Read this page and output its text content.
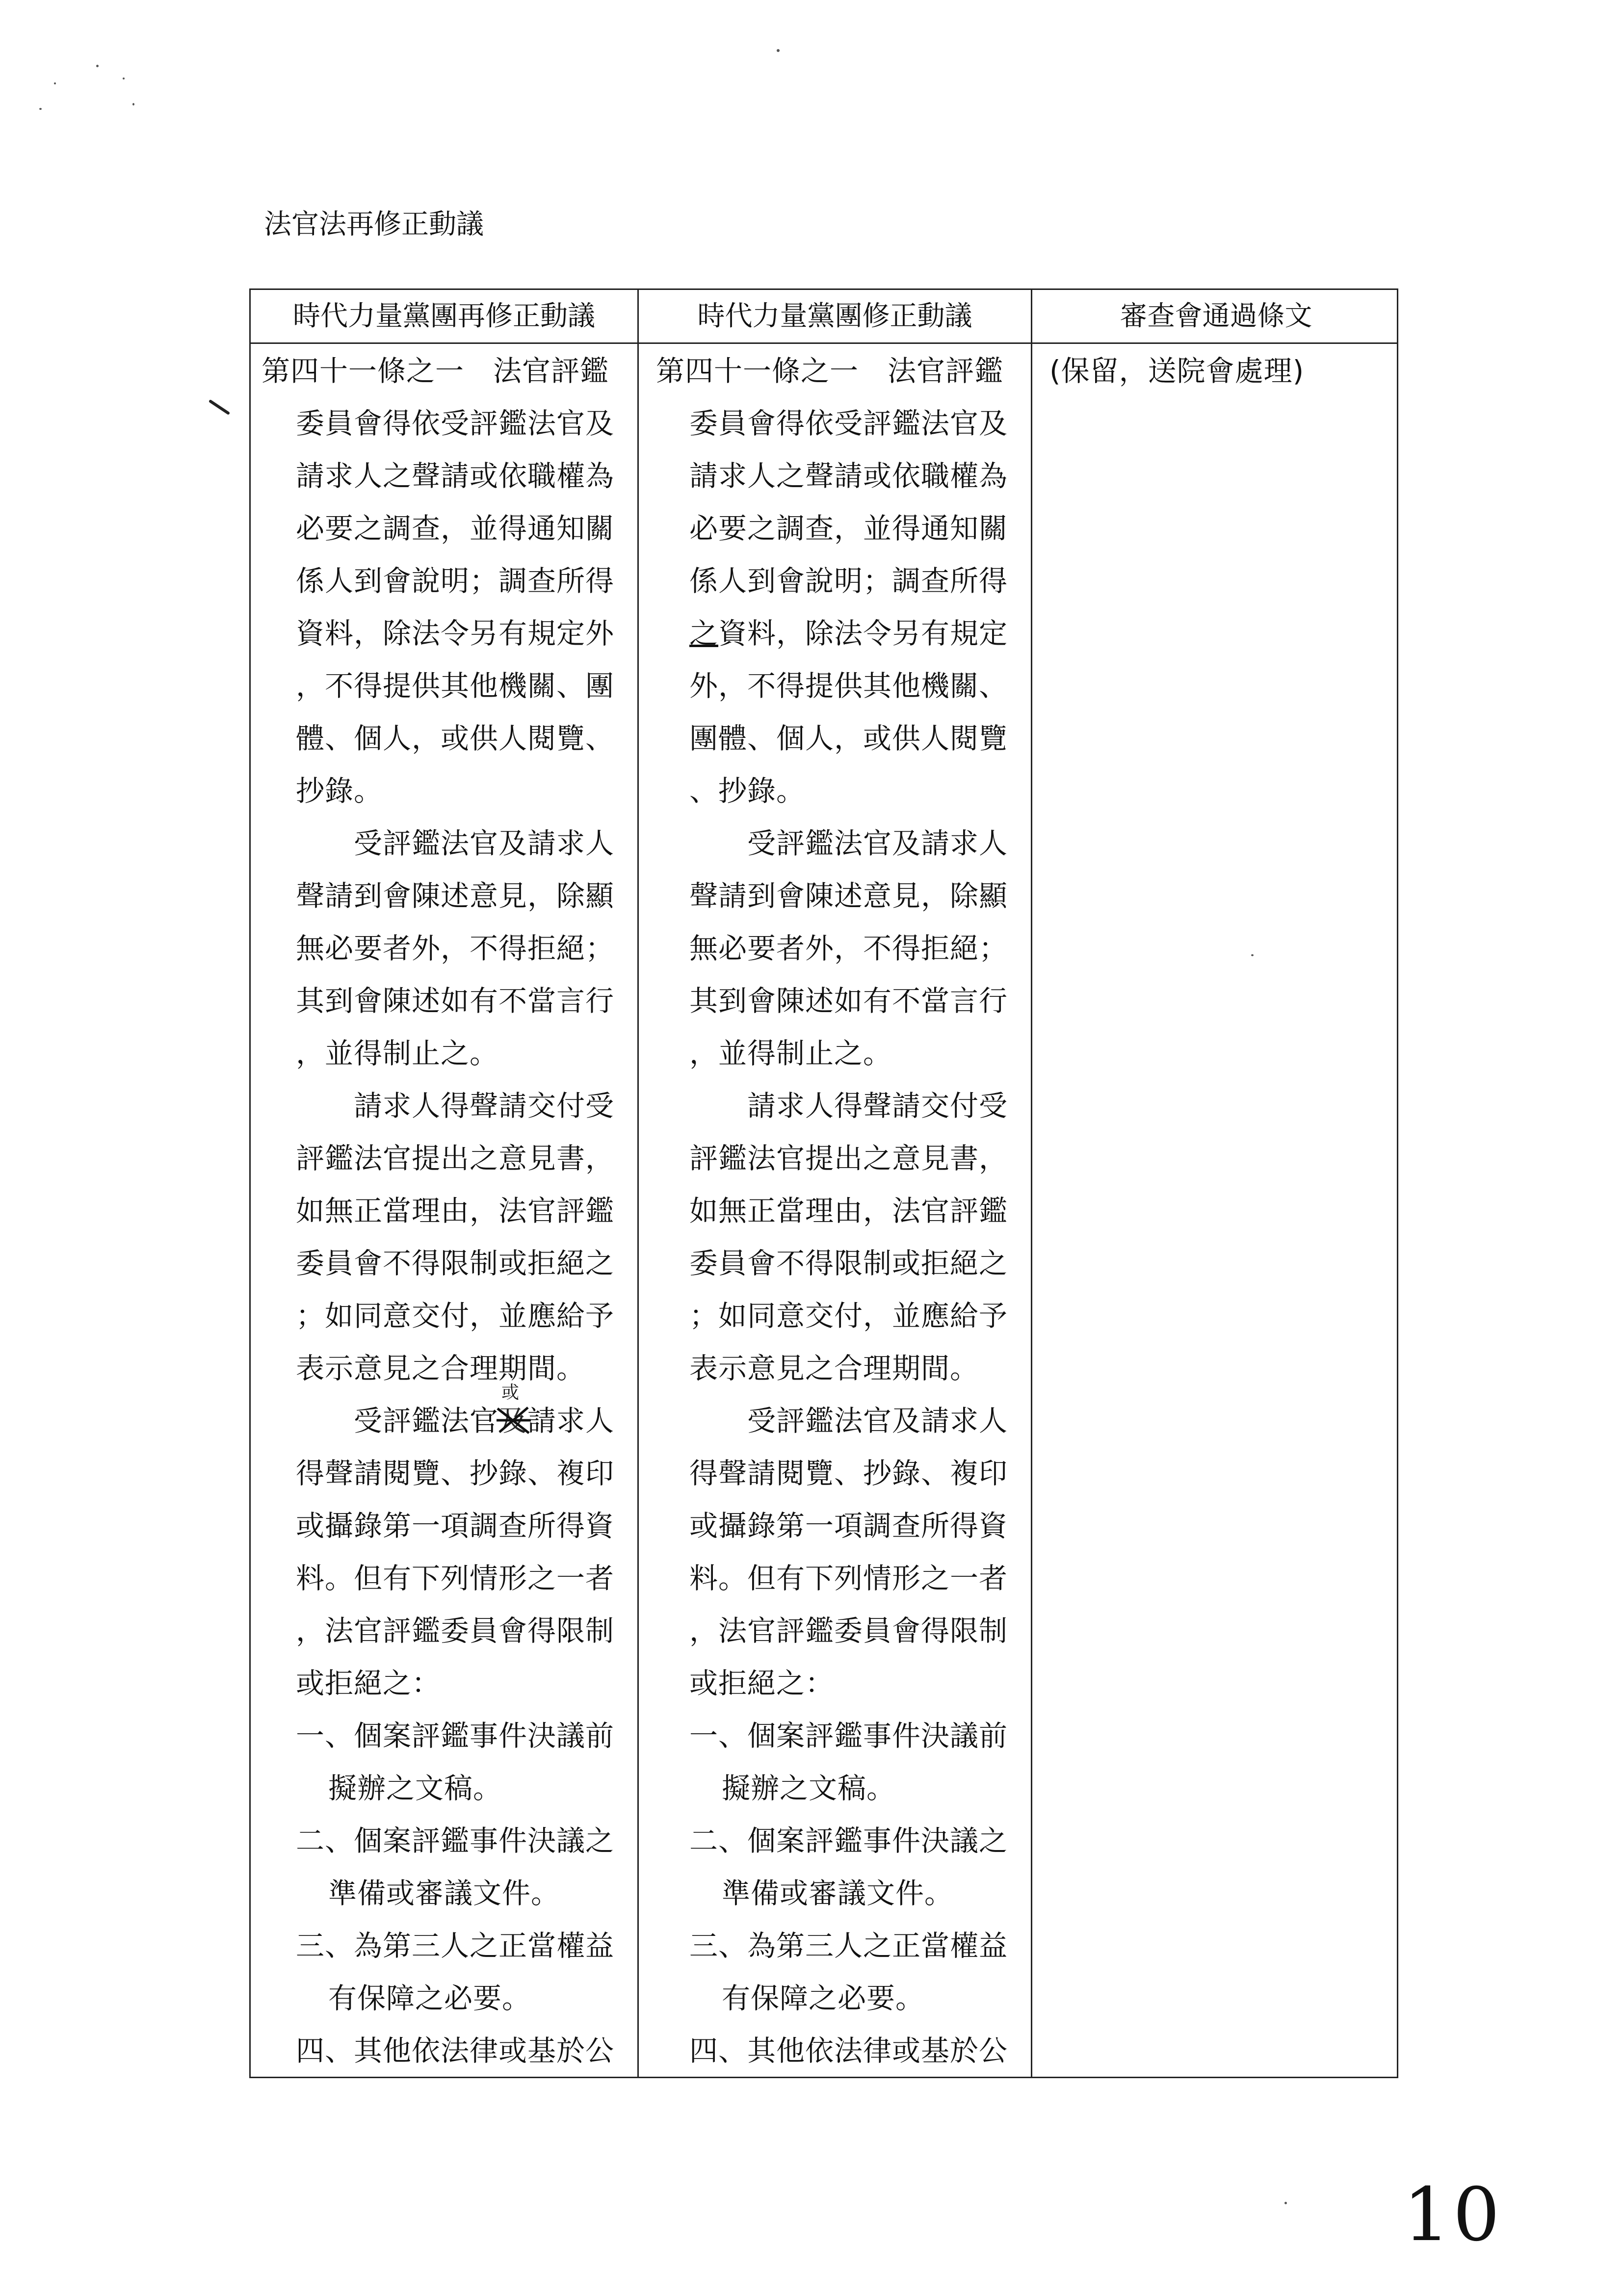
法官法再修正動議
時代力量黨團再修正動議	時代力量黨團修正動議	審查會通過條文
第四十一條之一　法官評鑑
委員會得依受評鑑法官及
請求人之聲請或依職權為
必要之調查，並得通知關
係人到會說明；調查所得
資料，除法令另有規定外
，不得提供其他機關、團
體、個人，或供人閱覽、
抄錄。
受評鑑法官及請求人
聲請到會陳述意見，除顯
無必要者外，不得拒絕；
其到會陳述如有不當言行
，並得制止之。
請求人得聲請交付受
評鑑法官提出之意見書，
如無正當理由，法官評鑑
委員會不得限制或拒絕之
；如同意交付，並應給予
表示意見之合理期間。
受評鑑法官及
或
請求人
得聲請閱覽、抄錄、複印
或攝錄第一項調查所得資
料。但有下列情形之一者
，法官評鑑委員會得限制
或拒絕之：
一、個案評鑑事件決議前
擬辦之文稿。
二、個案評鑑事件決議之
準備或審議文件。
三、為第三人之正當權益
有保障之必要。
四、其他依法律或基於公
第四十一條之一　法官評鑑
委員會得依受評鑑法官及
請求人之聲請或依職權為
必要之調查，並得通知關
係人到會說明；調查所得
之資料，除法令另有規定
外，不得提供其他機關、
團體、個人，或供人閱覽
、抄錄。
受評鑑法官及請求人
聲請到會陳述意見，除顯
無必要者外，不得拒絕；
其到會陳述如有不當言行
，並得制止之。
請求人得聲請交付受
評鑑法官提出之意見書，
如無正當理由，法官評鑑
委員會不得限制或拒絕之
；如同意交付，並應給予
表示意見之合理期間。
受評鑑法官及請求人
得聲請閱覽、抄錄、複印
或攝錄第一項調查所得資
料。但有下列情形之一者
，法官評鑑委員會得限制
或拒絕之：
一、個案評鑑事件決議前
擬辦之文稿。
二、個案評鑑事件決議之
準備或審議文件。
三、為第三人之正當權益
有保障之必要。
四、其他依法律或基於公
(保留，送院會處理)
10
